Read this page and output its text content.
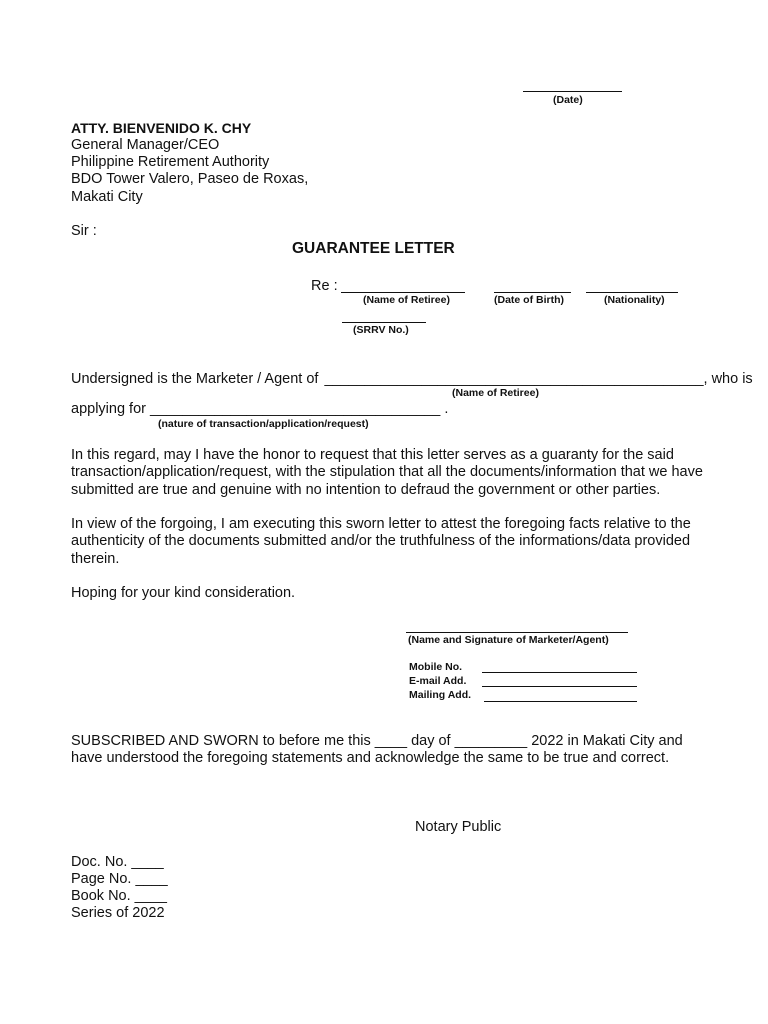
(Date)
ATTY. BIENVENIDO K. CHY
General Manager/CEO
Philippine Retirement Authority
BDO Tower Valero, Paseo de Roxas,
Makati City
Sir :
GUARANTEE LETTER
Re :
(Name of Retiree)	(Date of Birth)	(Nationality)
(SRRV No.)
Undersigned is the Marketer / Agent of _______________________________________________, who is
(Name of Retiree)
applying for ____________________________________ .
(nature of transaction/application/request)
In this regard, may I have the honor to request that this letter serves as a guaranty for the said transaction/application/request, with the stipulation that all the documents/information that we have submitted are true and genuine with no intention to defraud the government or other parties.
In view of the forgoing, I am executing this sworn letter to attest the foregoing facts relative to the authenticity of the documents submitted and/or the truthfulness of the informations/data provided therein.
Hoping for your kind consideration.
(Name and Signature of Marketer/Agent)
Mobile No.
E-mail Add.
Mailing Add.
SUBSCRIBED AND SWORN to before me this ____ day of _________ 2022 in Makati City and
have understood the foregoing statements and acknowledge the same to be true and correct.
Notary Public
Doc. No. ____
Page No. ____
Book No. ____
Series of 2022
